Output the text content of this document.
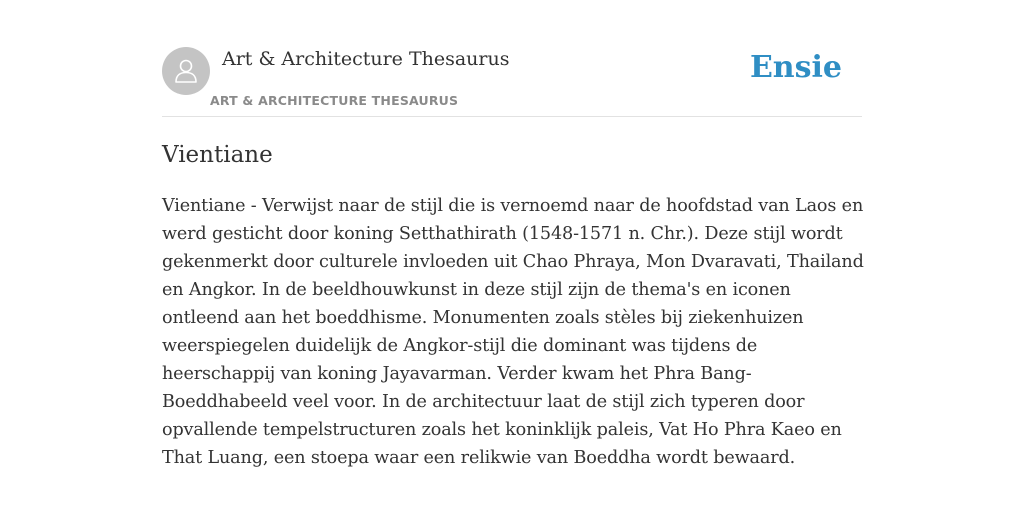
Art & Architecture Thesaurus
ART & ARCHITECTURE THESAURUS
Ensie
Vientiane

Vientiane - Verwijst naar de stijl die is vernoemd naar de hoofdstad van Laos en werd gesticht door koning Setthathirath (1548-1571 n. Chr.). Deze stijl wordt gekenmerkt door culturele invloeden uit Chao Phraya, Mon Dvaravati, Thailand en Angkor. In de beeldhouwkunst in deze stijl zijn de thema's en iconen ontleend aan het boeddhisme. Monumenten zoals stèles bij ziekenhuizen weerspiegelen duidelijk de Angkor-stijl die dominant was tijdens de heerschappij van koning Jayavarman. Verder kwam het Phra Bang-Boeddhabeeld veel voor. In de architectuur laat de stijl zich typeren door opvallende tempelstructuren zoals het koninklijk paleis, Vat Ho Phra Kaeo en That Luang, een stoepa waar een relikwie van Boeddha wordt bewaard.
